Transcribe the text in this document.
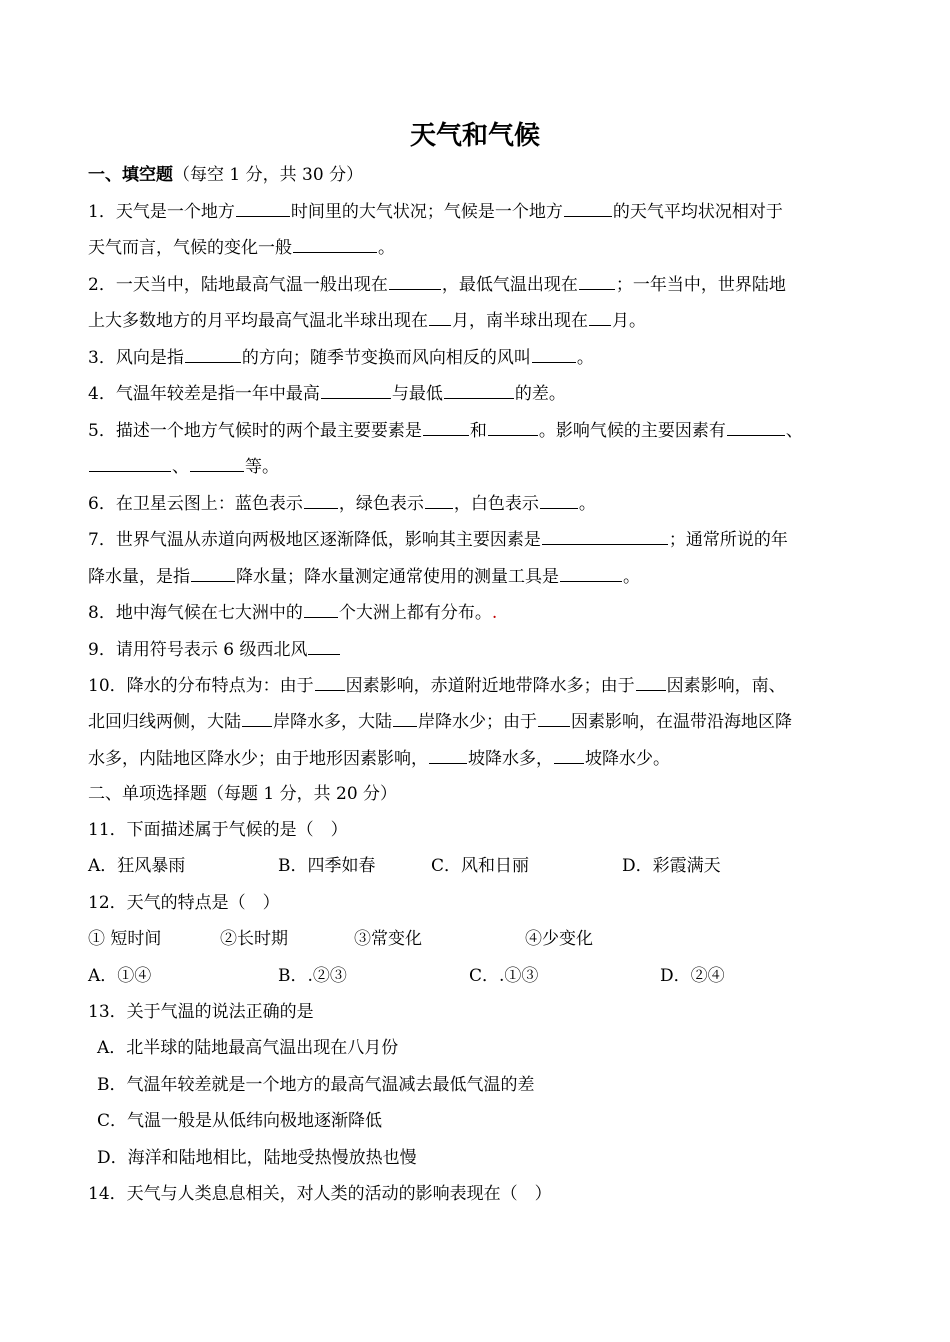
天气和气候
一、填空题（每空 1 分，共 30 分）
1．天气是一个地方	时间里的大气状况；气候是一个地方	的天气平均状况相对于
天气而言，气候的变化一般	。
2．一天当中，陆地最高气温一般出现在	，最低气温出现在 ；一年当中，世界陆地
上大多数地方的月平均最高气温北半球出现在 月，南半球出现在 月。
3．风向是指	的方向；随季节变换而风向相反的风叫	。
4．气温年较差是指一年中最高	与最低	的差。
5．描述一个地方气候时的两个最主要要素是	和	。影响气候的主要因素有	、
、	等。
6．在卫星云图上：蓝色表示 ，绿色表示 ，白色表示 。
7．世界气温从赤道向两极地区逐渐降低，影响其主要因素是	；通常所说的年
降水量，是指	降水量；降水量测定通常使用的测量工具是	。
8．地中海气候在七大洲中的 个大洲上都有分布。.
9．请用符号表示 6 级西北风
10．降水的分布特点为：由于 因素影响，赤道附近地带降水多；由于 因素影响，南、
北回归线两侧，大陆 岸降水多，大陆 岸降水少；由于 因素影响，在温带沿海地区降
水多，内陆地区降水少；由于地形因素影响， 坡降水多， 坡降水少。
二、单项选择题（每题 1 分，共 20 分）
11．下面描述属于气候的是（　）
A．狂风暴雨	B．四季如春	C．风和日丽	D．彩霞满天
12．天气的特点是（　）
① 短时间	②长时期	③常变化	④少变化
A．①④	B．.②③	C．.①③	D．②④
13．关于气温的说法正确的是
A．北半球的陆地最高气温出现在八月份
B．气温年较差就是一个地方的最高气温减去最低气温的差
C．气温一般是从低纬向极地逐渐降低
D．海洋和陆地相比，陆地受热慢放热也慢
14．天气与人类息息相关，对人类的活动的影响表现在（　）
